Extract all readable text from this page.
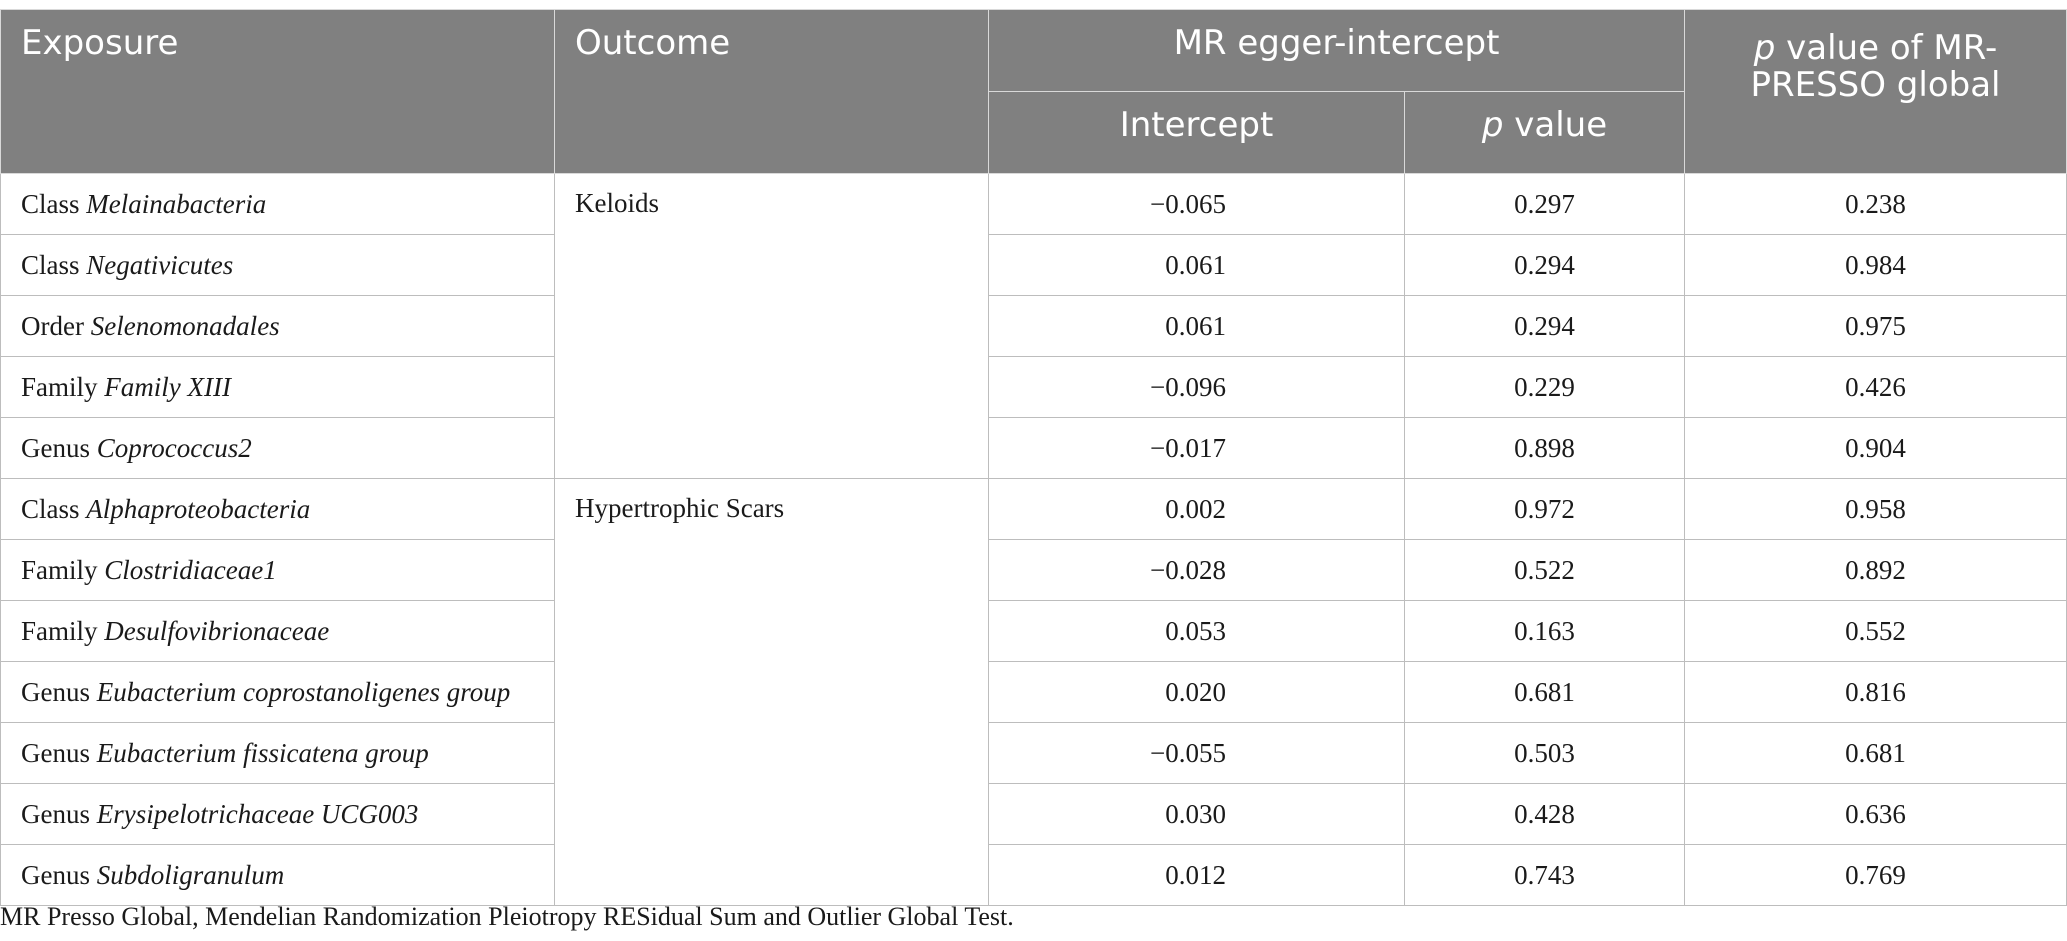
Exposure	Outcome	MR egger-intercept		p value of MR-
PRESSO global
		Intercept	p value	
Class Melainabacteria	Keloids	−0.065	0.297	0.238
Class Negativicutes		0.061	0.294	0.984
Order Selenomonadales		0.061	0.294	0.975
Family Family XIII		−0.096	0.229	0.426
Genus Coprococcus2		−0.017	0.898	0.904
Class Alphaproteobacteria	Hypertrophic Scars	0.002	0.972	0.958
Family Clostridiaceae1		−0.028	0.522	0.892
Family Desulfovibrionaceae		0.053	0.163	0.552
Genus Eubacterium coprostanoligenes group		0.020	0.681	0.816
Genus Eubacterium fissicatena group		−0.055	0.503	0.681
Genus Erysipelotrichaceae UCG003		0.030	0.428	0.636
Genus Subdoligranulum		0.012	0.743	0.769
MR Presso Global, Mendelian Randomization Pleiotropy RESidual Sum and Outlier Global Test.
